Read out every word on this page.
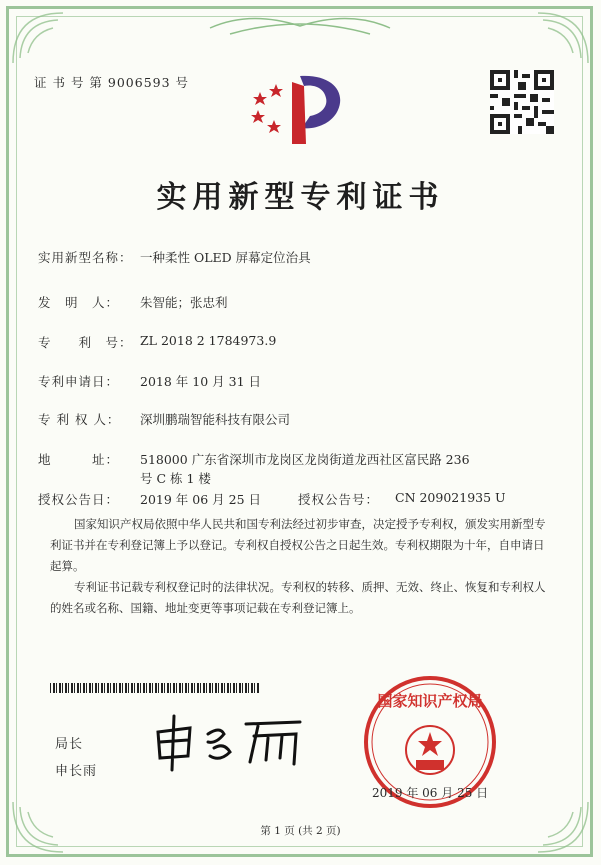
证 书 号 第 9006593 号
实用新型专利证书
实用新型名称： 一种柔性 OLED 屏幕定位治具
发　明　人： 朱智能；张忠利
专　　利　号： ZL 2018 2 1784973.9
专利申请日： 2018 年 10 月 31 日
专 利 权 人： 深圳鹏瑞智能科技有限公司
地　　　址： 518000 广东省深圳市龙岗区龙岗街道龙西社区富民路 236
号 C 栋 1 楼
授权公告日： 2019 年 06 月 25 日	授权公告号： CN 209021935 U
国家知识产权局依照中华人民共和国专利法经过初步审查，决定授予专利权，颁发实用新型专利证书并在专利登记簿上予以登记。专利权自授权公告之日起生效。专利权期限为十年，自申请日起算。
专利证书记载专利权登记时的法律状况。专利权的转移、质押、无效、终止、恢复和专利权人的姓名或名称、国籍、地址变更等事项记载在专利登记簿上。
局长
申长雨
国家知识产权局
2019 年 06 月 25 日
第 1 页 (共 2 页)
